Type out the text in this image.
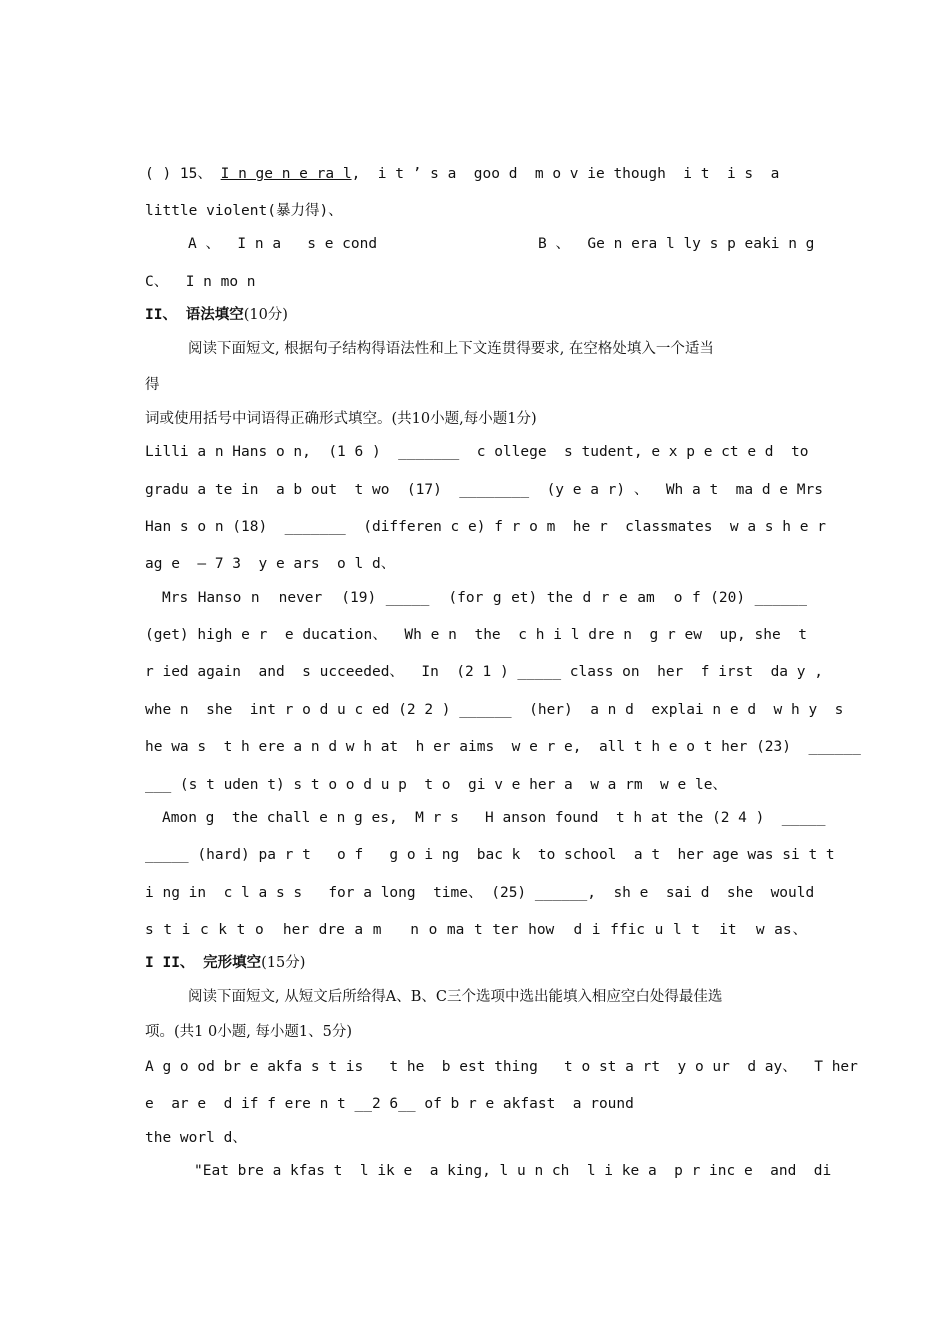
( ) 15、 I n ge n e ra l,  i t ’ s a  goo d  m o v ie though  i t  i s  a
little violent(暴力得)、
A 、  I n a   s e cond	B 、  Ge n era l ly s p eaki n g
C、  I n mo n
II、 语法填空(10分)
阅读下面短文, 根据句子结构得语法性和上下文连贯得要求, 在空格处填入一个适当
得
词或使用括号中词语得正确形式填空。(共10小题,每小题1分)
Lilli a n Hans o n,  (1 6 )  _______  c ollege  s tudent, e x p e ct e d  to
gradu a te in  a b out  t wo  (17)  ________  (y e a r) 、  Wh a t  ma d e Mrs
Han s o n (18)  _______  (differen c e) f r o m  he r  classmates  w a s h e r
ag e  – 7 3  y e ars  o l d、
Mrs Hanso n  never  (19) _____  (for g et) the d r e am  o f (20) ______
(get) high e r  e ducation、  Wh e n  the  c h i l dre n  g r ew  up, she  t
r ied again  and  s ucceeded、  In  (2 1 ) _____ class on  her  f irst  da y ,
whe n  she  int r o d u c ed (2 2 ) ______  (her)  a n d  explai n e d  w h y  s
he wa s  t h ere a n d w h at  h er aims  w e r e,  all t h e o t her (23)  ______
___ (s t uden t) s t o o d u p  t o  gi v e her a  w a rm  w e le、
Amon g  the chall e n g es,  M r s   H anson found  t h at the (2 4 )  _____
_____ (hard) pa r t   o f   g o i ng  bac k  to school  a t  her age was si t t
i ng in  c l a s s   for a long  time、 (25) ______,  sh e  sai d  she  would
s t i c k t o  her dre a m   n o ma t ter how  d i ffic u l t  it  w as、
I II、 完形填空(15分)
阅读下面短文, 从短文后所给得A、B、C三个选项中选出能填入相应空白处得最佳选
项。(共1 0小题, 每小题1、5分)
A g o od br e akfa s t is   t he  b est thing   t o st a rt  y o ur  d ay、  T her
e  ar e  d if f ere n t __2 6__ of b r e akfast  a round
the worl d、
"Eat bre a kfas t  l ik e  a king, l u n ch  l i ke a  p r inc e  and  di
